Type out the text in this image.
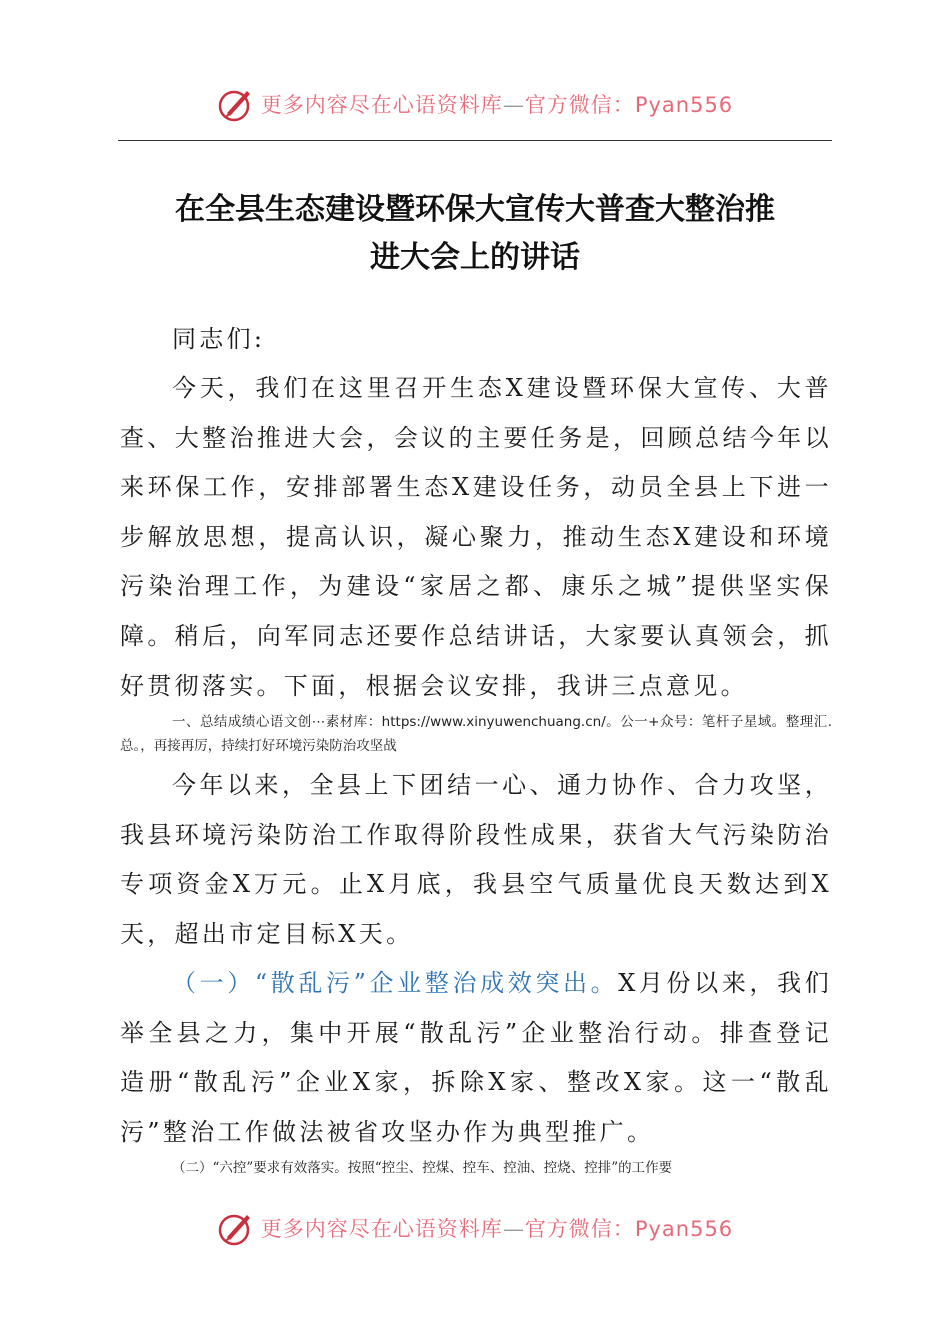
更多内容尽在心语资料库—官方微信：Pyan556
在全县生态建设暨环保大宣传大普查大整治推
进大会上的讲话

同志们:

今天，我们在这里召开生态X建设暨环保大宣传、大普查、大整治推进大会，会议的主要任务是，回顾总结今年以来环保工作，安排部署生态X建设任务，动员全县上下进一步解放思想，提高认识，凝心聚力，推动生态X建设和环境污染治理工作，为建设“家居之都、康乐之城”提供坚实保障。稍后，向军同志还要作总结讲话，大家要认真领会，抓好贯彻落实。下面，根据会议安排，我讲三点意见。

一、总结成绩心语文创⋯素材库：https://www.xinyuwenchuang.cn/。公一+众号：笔杆子星域。整理汇.总。，再接再厉，持续打好环境污染防治攻坚战

今年以来，全县上下团结一心、通力协作、合力攻坚，我县环境污染防治工作取得阶段性成果，获省大气污染防治专项资金X万元。止X月底，我县空气质量优良天数达到X天，超出市定目标X天。

（一）“散乱污”企业整治成效突出。X月份以来，我们举全县之力，集中开展“散乱污”企业整治行动。排查登记造册“散乱污”企业X家，拆除X家、整改X家。这一“散乱污”整治工作做法被省攻坚办作为典型推广。

（二）“六控”要求有效落实。按照“控尘、控煤、控车、控油、控烧、控排”的工作要

更多内容尽在心语资料库—官方微信：Pyan556
